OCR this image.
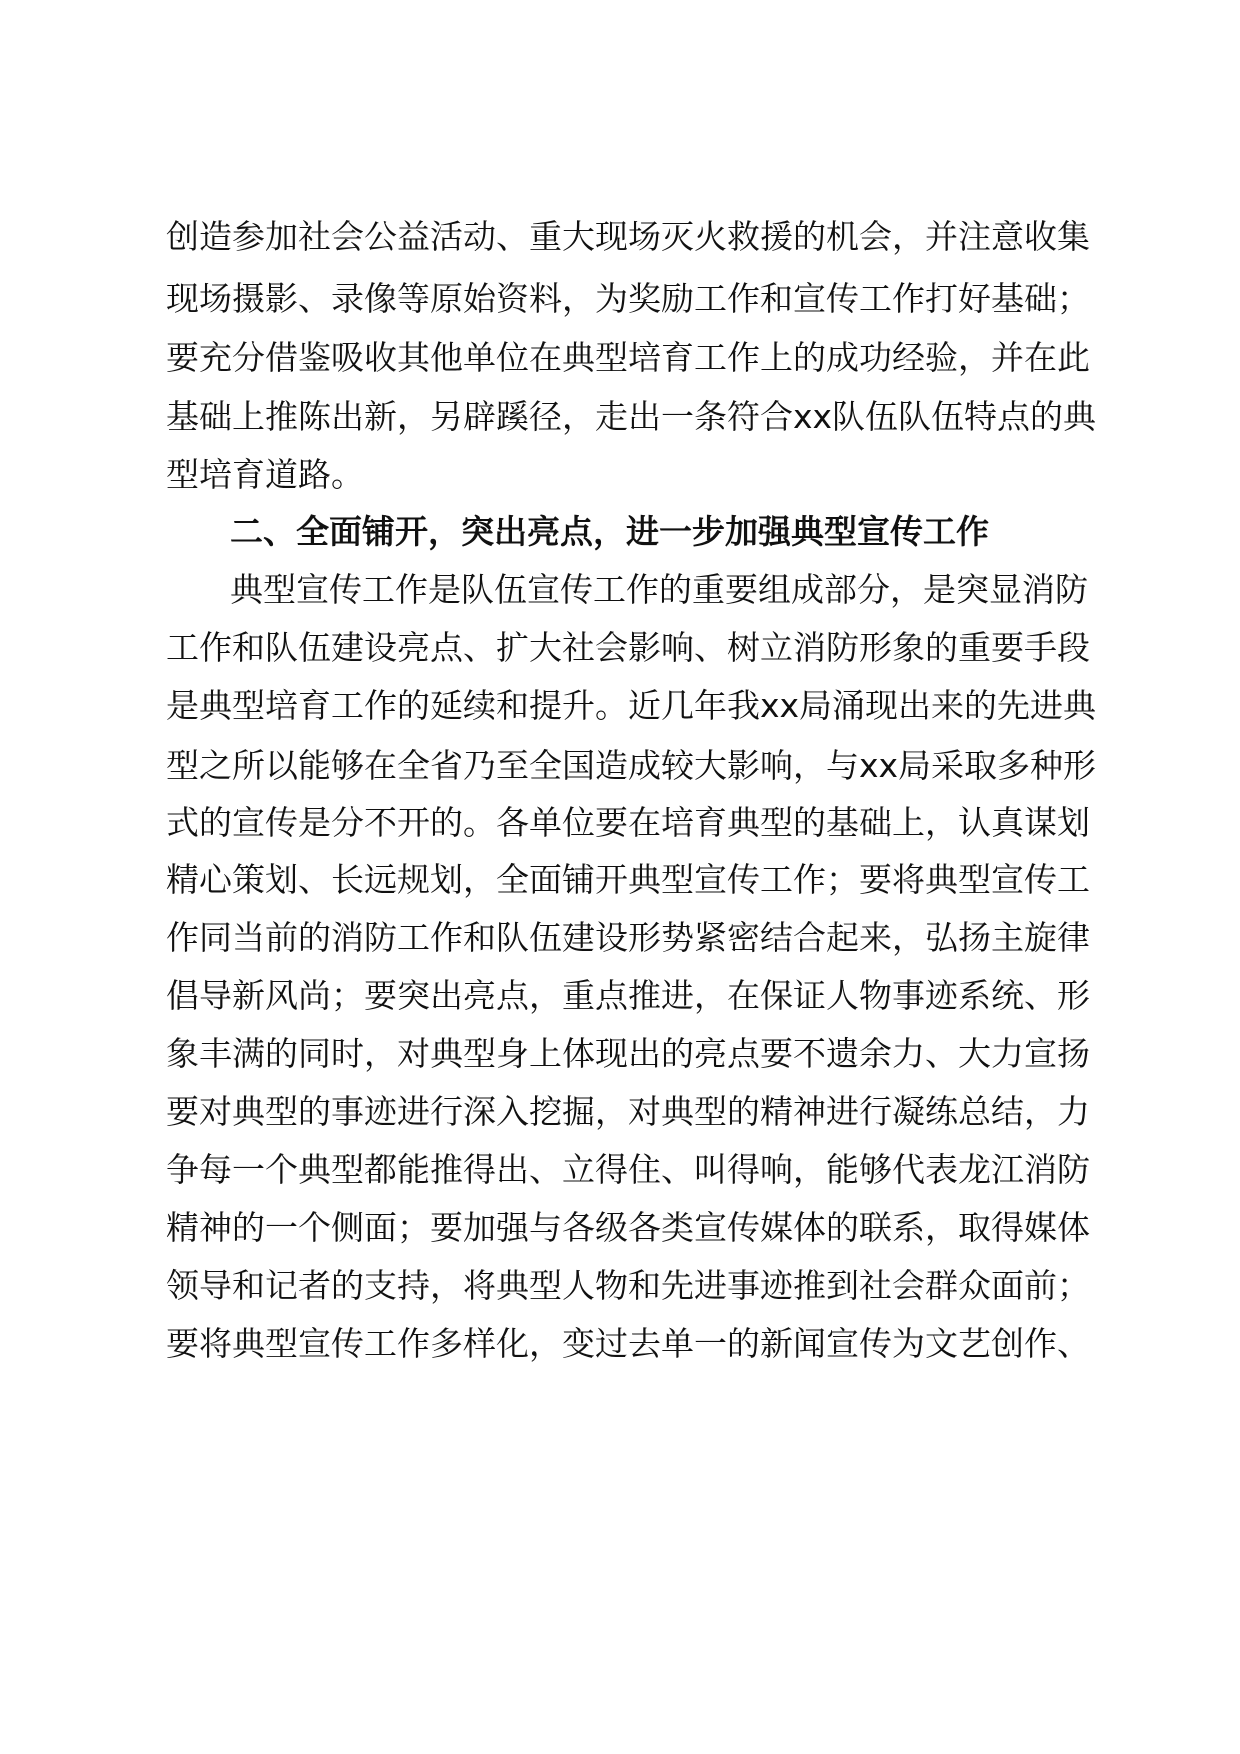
创造参加社会公益活动、重大现场灭火救援的机会，并注意收集
现场摄影、录像等原始资料，为奖励工作和宣传工作打好基础；
要充分借鉴吸收其他单位在典型培育工作上的成功经验，并在此
基础上推陈出新，另辟蹊径，走出一条符合xx队伍队伍特点的典
型培育道路。
二、全面铺开，突出亮点，进一步加强典型宣传工作
典型宣传工作是队伍宣传工作的重要组成部分，是突显消防
工作和队伍建设亮点、扩大社会影响、树立消防形象的重要手段
是典型培育工作的延续和提升。近几年我xx局涌现出来的先进典
型之所以能够在全省乃至全国造成较大影响，与xx局采取多种形
式的宣传是分不开的。各单位要在培育典型的基础上，认真谋划
精心策划、长远规划，全面铺开典型宣传工作；要将典型宣传工
作同当前的消防工作和队伍建设形势紧密结合起来，弘扬主旋律
倡导新风尚；要突出亮点，重点推进，在保证人物事迹系统、形
象丰满的同时，对典型身上体现出的亮点要不遗余力、大力宣扬
要对典型的事迹进行深入挖掘，对典型的精神进行凝练总结，力
争每一个典型都能推得出、立得住、叫得响，能够代表龙江消防
精神的一个侧面；要加强与各级各类宣传媒体的联系，取得媒体
领导和记者的支持，将典型人物和先进事迹推到社会群众面前；
要将典型宣传工作多样化，变过去单一的新闻宣传为文艺创作、
